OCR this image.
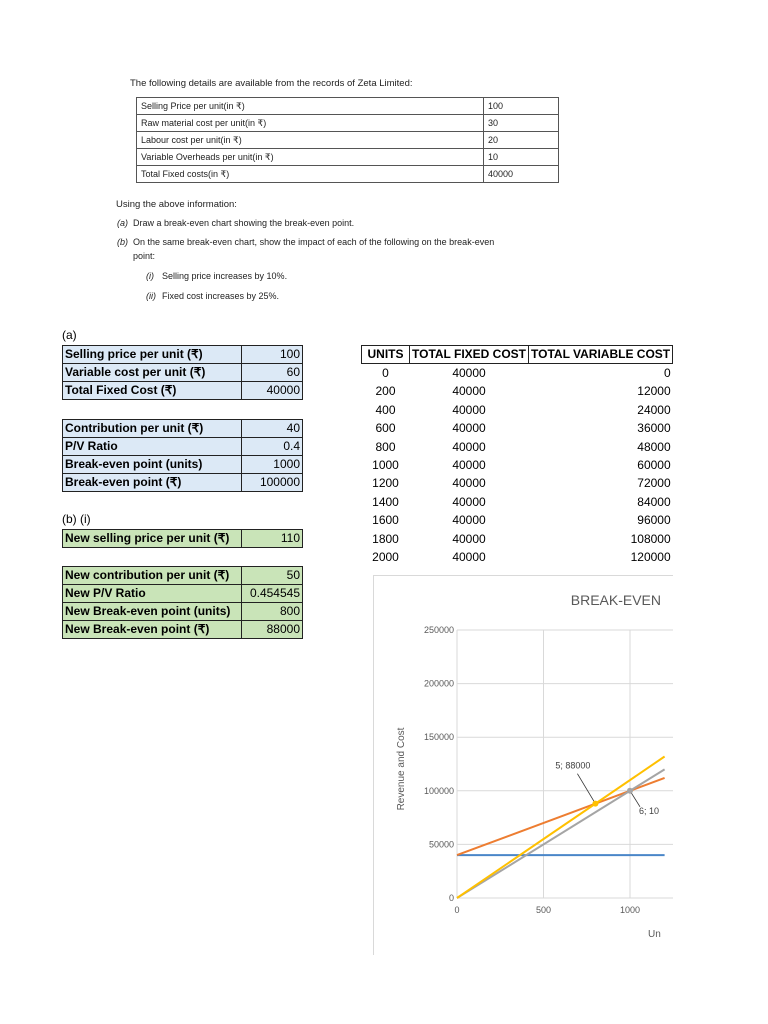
The following details are available from the records of Zeta Limited:
Selling Price per unit(in ₹)	100
Raw material cost per unit(in ₹)	30
Labour cost per unit(in ₹)	20
Variable Overheads per unit(in ₹)	10
Total Fixed costs(in ₹)	40000
Using the above information:
(a) Draw a break-even chart showing the break-even point.
(b) On the same break-even chart, show the impact of each of the following on the break-even
point:
(i) Selling price increases by 10%.
(ii) Fixed cost increases by 25%.
(a)
Selling price per unit (₹)	100
Variable cost per unit (₹)	60
Total Fixed Cost (₹)	40000
Contribution per unit (₹)	40
P/V Ratio	0.4
Break-even point (units)	1000
Break-even point (₹)	100000
(b) (i)
New selling price per unit (₹)	110
New contribution per unit (₹)	50
New P/V Ratio	0.454545
New Break-even point (units)	800
New Break-even point (₹)	88000
UNITS	TOTAL FIXED COST	TOTAL VARIABLE COST
0	40000	0
200	40000	12000
400	40000	24000
600	40000	36000
800	40000	48000
1000	40000	60000
1200	40000	72000
1400	40000	84000
1600	40000	96000
1800	40000	108000
2000	40000	120000
BREAK-EVEN
0
50000
100000
150000
200000
250000
0	500	1000
Revenue and Cost
Un
5; 88000
6; 10
